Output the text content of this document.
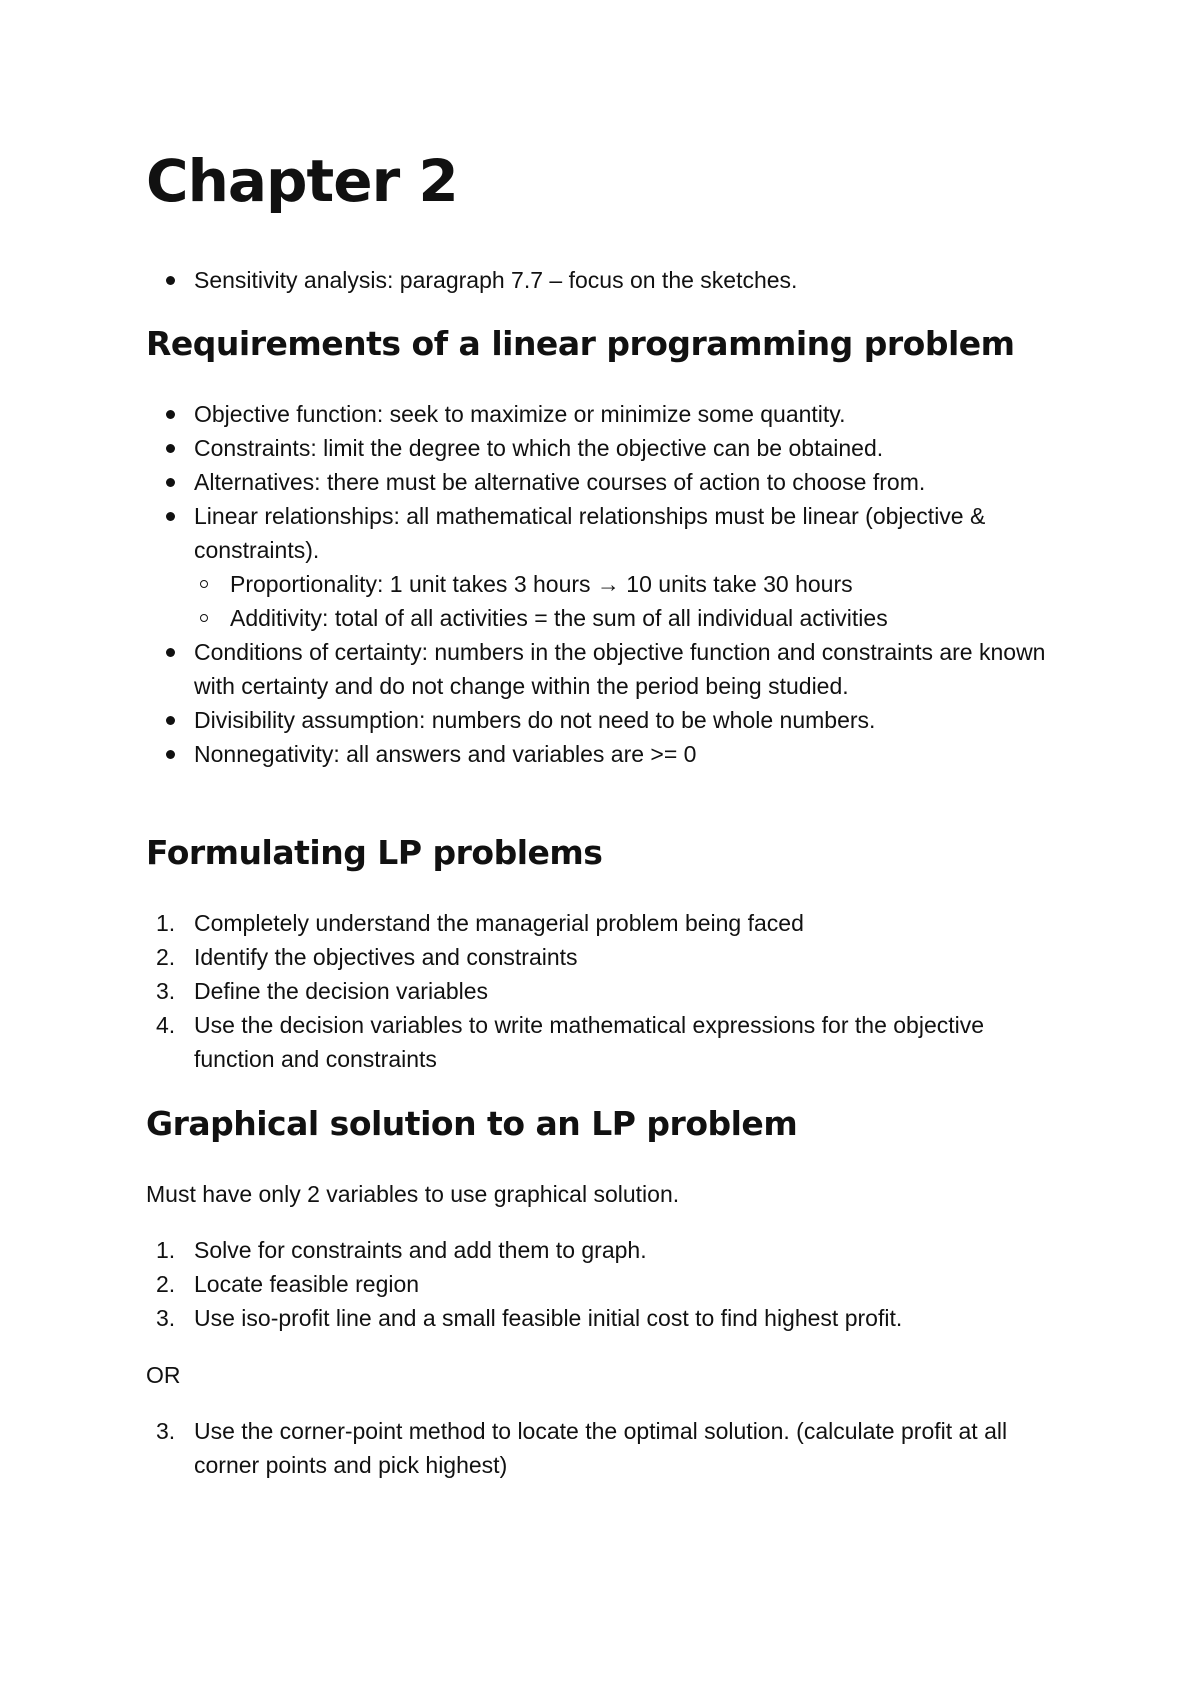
Chapter 2
Sensitivity analysis: paragraph 7.7 – focus on the sketches.
Requirements of a linear programming problem
Objective function: seek to maximize or minimize some quantity.
Constraints: limit the degree to which the objective can be obtained.
Alternatives: there must be alternative courses of action to choose from.
Linear relationships: all mathematical relationships must be linear (objective & constraints).
Proportionality: 1 unit takes 3 hours → 10 units take 30 hours
Additivity: total of all activities = the sum of all individual activities
Conditions of certainty: numbers in the objective function and constraints are known with certainty and do not change within the period being studied.
Divisibility assumption: numbers do not need to be whole numbers.
Nonnegativity: all answers and variables are >= 0
Formulating LP problems
1. Completely understand the managerial problem being faced
2. Identify the objectives and constraints
3. Define the decision variables
4. Use the decision variables to write mathematical expressions for the objective function and constraints
Graphical solution to an LP problem

Must have only 2 variables to use graphical solution.

1. Solve for constraints and add them to graph.
2. Locate feasible region
3. Use iso-profit line and a small feasible initial cost to find highest profit.

OR

3. Use the corner-point method to locate the optimal solution. (calculate profit at all corner points and pick highest)
